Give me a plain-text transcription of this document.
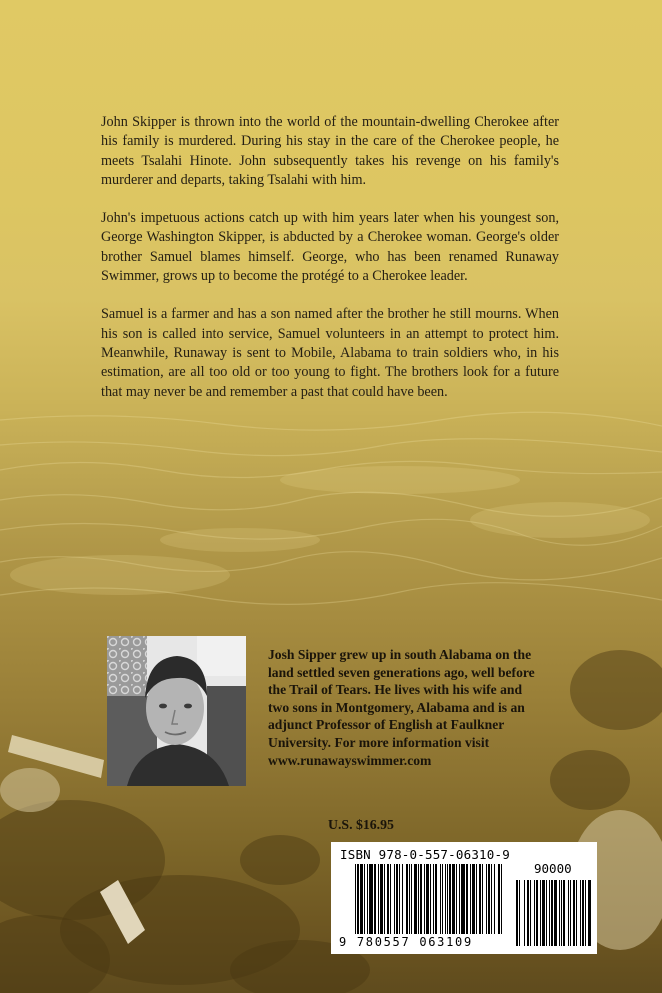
John Skipper is thrown into the world of the mountain-dwelling Cherokee after his family is murdered. During his stay in the care of the Cherokee people, he meets Tsalahi Hinote. John subsequently takes his revenge on his family's murderer and departs, taking Tsalahi with him.

John's impetuous actions catch up with him years later when his youngest son, George Washington Skipper, is abducted by a Cherokee woman. George's older brother Samuel blames himself. George, who has been renamed Runaway Swimmer, grows up to become the protégé to a Cherokee leader.

Samuel is a farmer and has a son named after the brother he still mourns. When his son is called into service, Samuel volunteers in an attempt to protect him. Meanwhile, Runaway is sent to Mobile, Alabama to train soldiers who, in his estimation, are all too old or too young to fight. The brothers look for a future that may never be and remember a past that could have been.

Josh Sipper grew up in south Alabama on the land settled seven generations ago, well before the Trail of Tears. He lives with his wife and two sons in Montgomery, Alabama and is an adjunct Professor of English at Faulkner University. For more information visit www.runawayswimmer.com

U.S. $16.95
ISBN 978-0-557-06310-9
90000
9 780557 063109
